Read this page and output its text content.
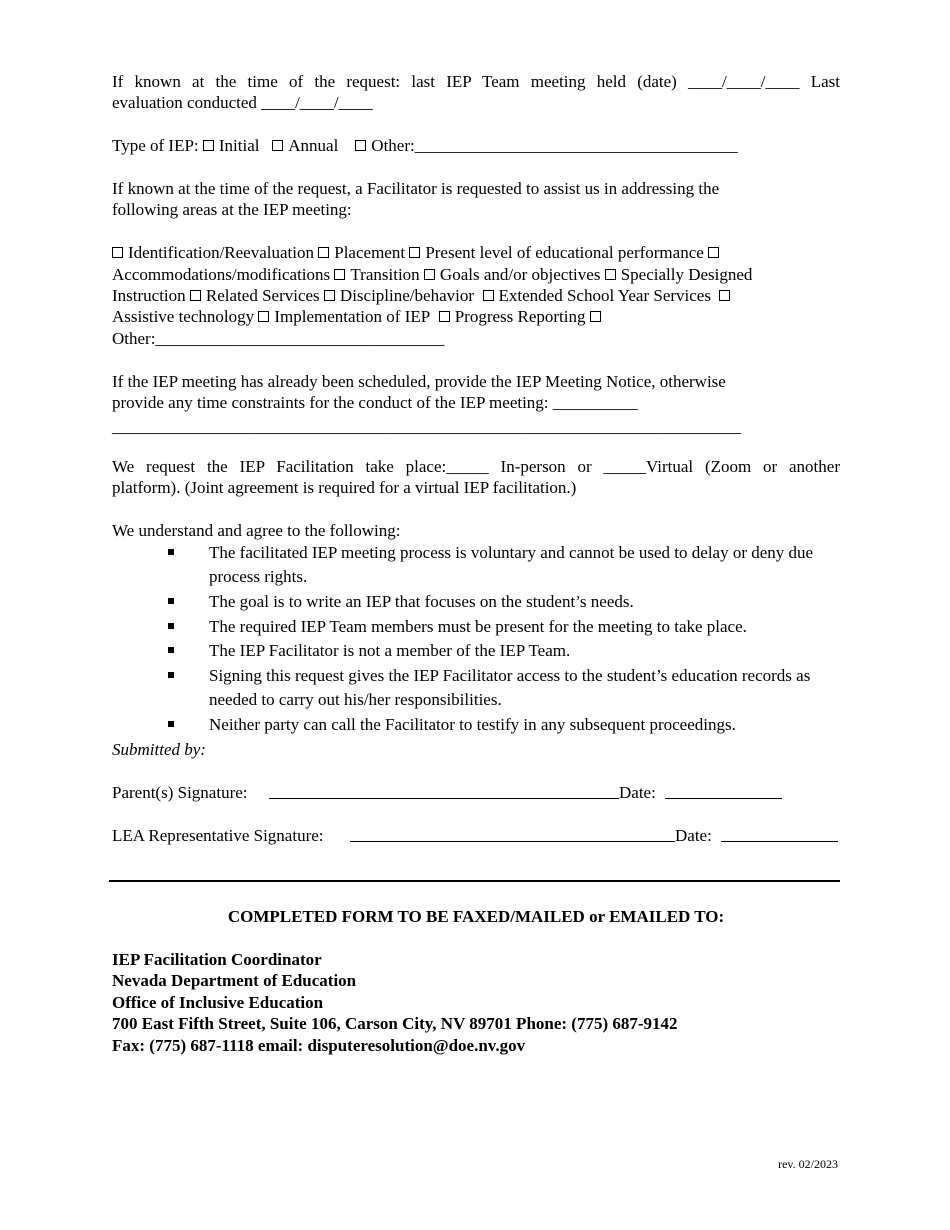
If known at the time of the request: last IEP Team meeting held (date) ____/____/____ Last

evaluation conducted ____/____/____

Type of IEP: Initial Annual Other:______________________________________

If known at the time of the request, a Facilitator is requested to assist us in addressing the

following areas at the IEP meeting:

Identification/Reevaluation Placement Present level of educational performance

Accommodations/modifications Transition Goals and/or objectives Specially Designed

Instruction Related Services Discipline/behavior Extended School Year Services

Assistive technology Implementation of IEP Progress Reporting

Other:__________________________________

If the IEP meeting has already been scheduled, provide the IEP Meeting Notice, otherwise

provide any time constraints for the conduct of the IEP meeting: __________

__________________________________________________________________________

We request the IEP Facilitation take place:_____ In-person or _____Virtual (Zoom or another

platform). (Joint agreement is required for a virtual IEP facilitation.)

We understand and agree to the following:

The facilitated IEP meeting process is voluntary and cannot be used to delay or deny due process rights.
The goal is to write an IEP that focuses on the student’s needs.
The required IEP Team members must be present for the meeting to take place.
The IEP Facilitator is not a member of the IEP Team.
Signing this request gives the IEP Facilitator access to the student’s education records as needed to carry out his/her responsibilities.
Neither party can call the Facilitator to testify in any subsequent proceedings.

Submitted by:

Parent(s) Signature:	Date:

LEA Representative Signature:	Date:

COMPLETED FORM TO BE FAXED/MAILED or EMAILED TO:

IEP Facilitation Coordinator

Nevada Department of Education

Office of Inclusive Education

700 East Fifth Street, Suite 106, Carson City, NV 89701 Phone: (775) 687-9142

Fax: (775) 687-1118 email: disputeresolution@doe.nv.gov

rev. 02/2023
